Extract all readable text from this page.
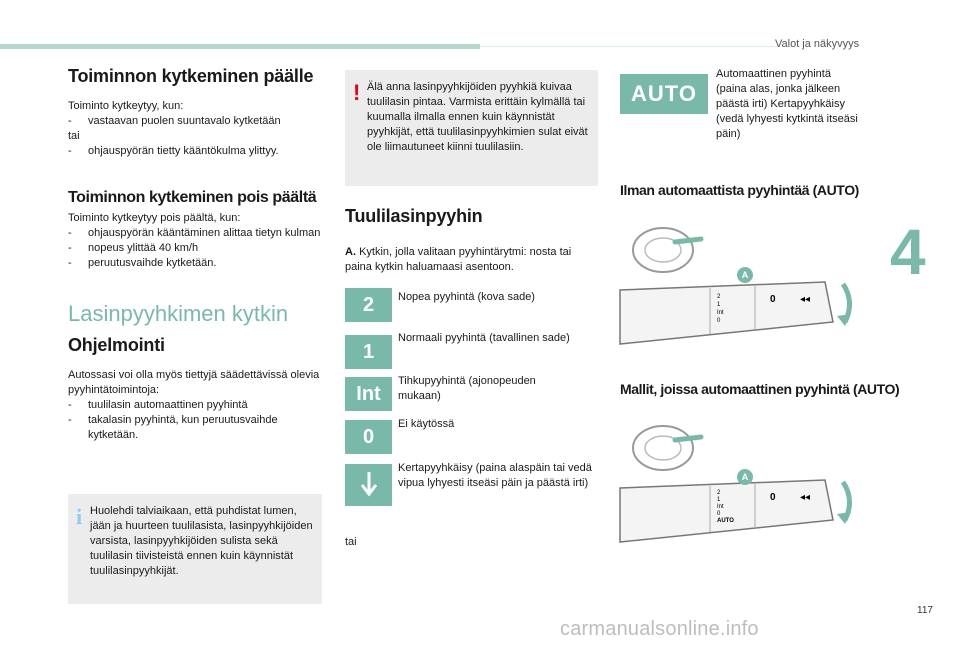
Valot ja näkyvyys
4
117
Toiminnon kytkeminen päälle
Toiminto kytkeytyy, kun:
- vastaavan puolen suuntavalo kytketään
tai
- ohjauspyörän tietty kääntökulma ylittyy.
Toiminnon kytkeminen pois päältä
Toiminto kytkeytyy pois päältä, kun:
- ohjauspyörän kääntäminen alittaa tietyn kulman
- nopeus ylittää 40 km/h
- peruutusvaihde kytketään.
Lasinpyyhkimen kytkin
Ohjelmointi
Autossasi voi olla myös tiettyjä säädettävissä olevia pyyhintätoimintoja:
- tuulilasin automaattinen pyyhintä
- takalasin pyyhintä, kun peruutusvaihde kytketään.
i Huolehdi talviaikaan, että puhdistat lumen, jään ja huurteen tuulilasista, lasinpyyhkijöiden varsista, lasinpyyhkijöiden sulista sekä tuulilasin tiivisteistä ennen kuin käynnistät tuulilasinpyyhkijät.
! Älä anna lasinpyyhkijöiden pyyhkiä kuivaa tuulilasin pintaa. Varmista erittäin kylmällä tai kuumalla ilmalla ennen kuin käynnistät pyyhkijät, että tuulilasinpyyhkimien sulat eivät ole liimautuneet kiinni tuulilasiin.
Tuulilasinpyyhin
A. Kytkin, jolla valitaan pyyhintärytmi: nosta tai paina kytkin haluamaasi asentoon.
2	Nopea pyyhintä (kova sade)
1
Normaali pyyhintä (tavallinen sade)
Int
Tihkupyyhintä (ajonopeuden mukaan)
0
Ei käytössä
Kertapyyhkäisy (paina alaspäin tai vedä vipua lyhyesti itseäsi päin ja päästä irti)
tai
AUTO
Automaattinen pyyhintä (paina alas, jonka jälkeen päästä irti) Kertapyyhkäisy (vedä lyhyesti kytkintä itseäsi päin)
Ilman automaattista pyyhintää (AUTO)
0 ◂◂
2
1
Int
0
A
Mallit, joissa automaattinen pyyhintä (AUTO)
0 ◂◂
2
1
Int
0
AUTO
A
carmanualsonline.info
